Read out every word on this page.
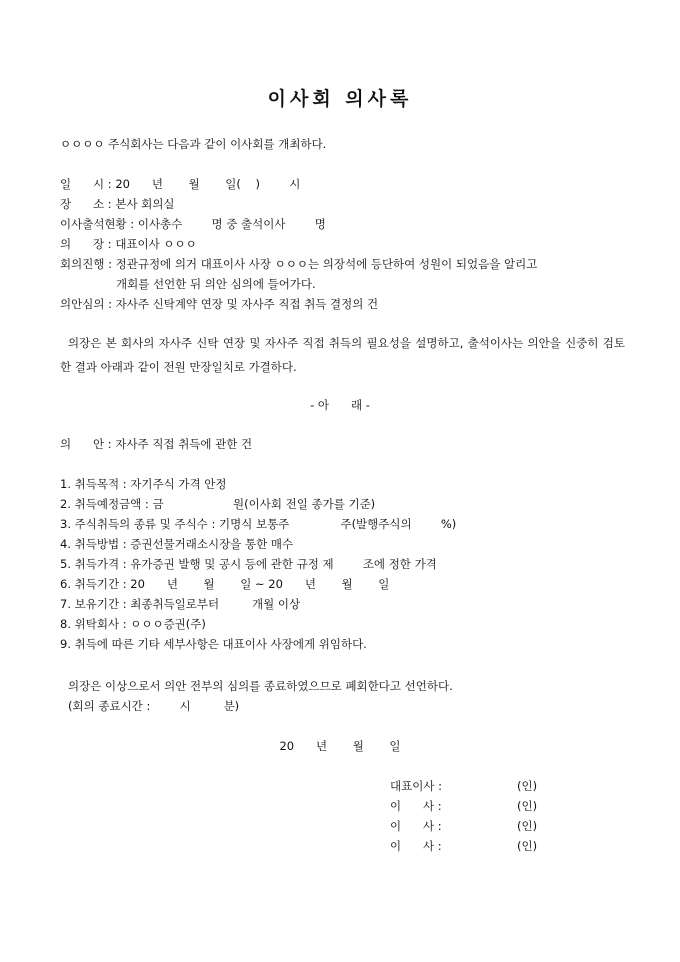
이사회 의사록
ㅇㅇㅇㅇ 주식회사는 다음과 같이 이사회를 개최하다.
일      시 : 20      년       월       일(    )        시
장      소 : 본사 회의실
이사출석현황 : 이사총수        명 중 출석이사        명
의      장 : 대표이사 ㅇㅇㅇ
회의진행 : 정관규정에 의거 대표이사 사장 ㅇㅇㅇ는 의장석에 등단하여 성원이 되었음을 알리고
개회를 선언한 뒤 의안 심의에 들어가다.
의안심의 : 자사주 신탁계약 연장 및 자사주 직접 취득 결정의 건
의장은 본 회사의 자사주 신탁 연장 및 자사주 직접 취득의 필요성을 설명하고, 출석이사는 의안을 신중히 검토한 결과 아래과 같이 전원 만장일치로 가결하다.
- 아      래 -
의      안 : 자사주 직접 취득에 관한 건
1. 취득목적 : 자기주식 가격 안정
2. 취득예정금액 : 금                   원(이사회 전일 종가를 기준)
3. 주식취득의 종류 및 주식수 : 기명식 보통주              주(발행주식의        %)
4. 취득방법 : 증권선물거래소시장을 통한 매수
5. 취득가격 : 유가증권 발행 및 공시 등에 관한 규정 제        조에 정한 가격
6. 취득기간 : 20      년       월       일 ~ 20      년       월       일
7. 보유기간 : 최종취득일로부터         개월 이상
8. 위탁회사 : ㅇㅇㅇ증권(주)
9. 취득에 따른 기타 세부사항은 대표이사 사장에게 위임하다.
의장은 이상으로서 의안 전부의 심의를 종료하였으므로 폐회한다고 선언하다.
(회의 종료시간 :        시         분)
20      년       월       일
대표이사 :	(인)
이      사 :	(인)
이      사 :	(인)
이      사 :	(인)
